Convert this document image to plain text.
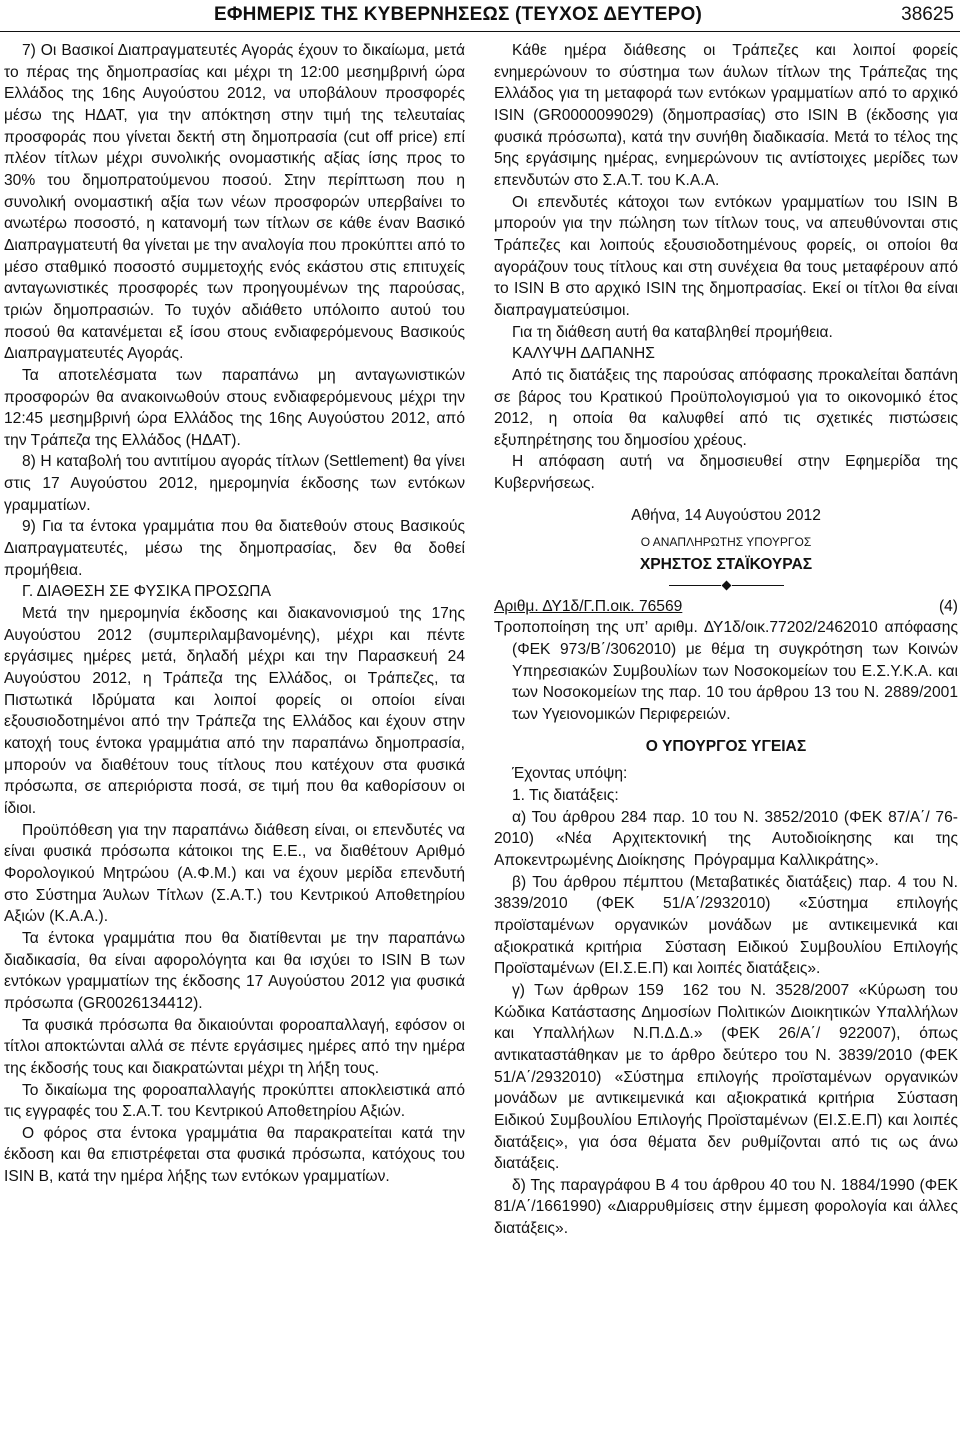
ΕΦΗΜΕΡΙΣ ΤΗΣ ΚΥΒΕΡΝΗΣΕΩΣ (ΤΕΥΧΟΣ ΔΕΥΤΕΡΟ)	38625

7) Οι Βασικοί Διαπραγματευτές Αγοράς έχουν το δικαίωμα, μετά το πέρας της δημοπρασίας και μέχρι τη 12:00 μεσημβρινή ώρα Ελλάδος της 16ης Αυγούστου 2012, να υποβάλουν προσφορές μέσω της ΗΔΑΤ, για την απόκτηση στην τιμή της τελευταίας προσφοράς που γίνεται δεκτή στη δημοπρασία (cut off price) επί πλέον τίτλων μέχρι συνολικής ονομαστικής αξίας ίσης προς το 30% του δημοπρατούμενου ποσού. Στην περίπτωση που η συνολική ονομαστική αξία των νέων προσφορών υπερβαίνει το ανωτέρω ποσοστό, η κατανομή των τίτλων σε κάθε έναν Βασικό Διαπραγματευτή θα γίνεται με την αναλογία που προκύπτει από το μέσο σταθμικό ποσοστό συμμετοχής ενός εκάστου στις επιτυχείς ανταγωνιστικές προσφορές των προηγουμένων της παρούσας, τριών δημοπρασιών. Το τυχόν αδιάθετο υπόλοιπο αυτού του ποσού θα κατανέμεται εξ ίσου στους ενδιαφερόμενους Βασικούς Διαπραγματευτές Αγοράς.

Τα αποτελέσματα των παραπάνω μη ανταγωνιστικών προσφορών θα ανακοινωθούν στους ενδιαφερόμενους μέχρι την 12:45 μεσημβρινή ώρα Ελλάδος της 16ης Αυγούστου 2012, από την Τράπεζα της Ελλάδος (ΗΔΑΤ).

8) Η καταβολή του αντιτίμου αγοράς τίτλων (Settlement) θα γίνει στις 17 Αυγούστου 2012, ημερομηνία έκδοσης των εντόκων γραμματίων.

9) Για τα έντοκα γραμμάτια που θα διατεθούν στους Βασικούς Διαπραγματευτές, μέσω της δημοπρασίας, δεν θα δοθεί προμήθεια.

Γ. ΔΙΑΘΕΣΗ ΣΕ ΦΥΣΙΚΑ ΠΡΟΣΩΠΑ

Μετά την ημερομηνία έκδοσης και διακανονισμού της 17ης Αυγούστου 2012 (συμπεριλαμβανομένης), μέχρι και πέντε εργάσιμες ημέρες μετά, δηλαδή μέχρι και την Παρασκευή 24 Αυγούστου 2012, η Τράπεζα της Ελλάδος, οι Τράπεζες, τα Πιστωτικά Ιδρύματα και λοιποί φορείς οι οποίοι είναι εξουσιοδοτημένοι από την Τράπεζα της Ελλάδος και έχουν στην κατοχή τους έντοκα γραμμάτια από την παραπάνω δημοπρασία, μπορούν να διαθέτουν τους τίτλους που κατέχουν στα φυσικά πρόσωπα, σε απεριόριστα ποσά, σε τιμή που θα καθορίσουν οι ίδιοι.

Προϋπόθεση για την παραπάνω διάθεση είναι, οι επενδυτές να είναι φυσικά πρόσωπα κάτοικοι της Ε.Ε., να διαθέτουν Αριθμό Φορολογικού Μητρώου (Α.Φ.Μ.) και να έχουν μερίδα επενδυτή στο Σύστημα Άυλων Τίτλων (Σ.Α.Τ.) του Κεντρικού Αποθετηρίου Αξιών (Κ.Α.Α.).

Τα έντοκα γραμμάτια που θα διατίθενται με την παραπάνω διαδικασία, θα είναι αφορολόγητα και θα ισχύει το ISIN B των εντόκων γραμματίων της έκδοσης 17 Αυγούστου 2012 για φυσικά πρόσωπα (GR0026134412).

Τα φυσικά πρόσωπα θα δικαιούνται φοροαπαλλαγή, εφόσον οι τίτλοι αποκτώνται αλλά σε πέντε εργάσιμες ημέρες από την ημέρα της έκδοσής τους και διακρατώνται μέχρι τη λήξη τους.

Το δικαίωμα της φοροαπαλλαγής προκύπτει αποκλειστικά από τις εγγραφές του Σ.Α.Τ. του Κεντρικού Αποθετηρίου Αξιών.

Ο φόρος στα έντοκα γραμμάτια θα παρακρατείται κατά την έκδοση και θα επιστρέφεται στα φυσικά πρόσωπα, κατόχους του ISIN B, κατά την ημέρα λήξης των εντόκων γραμματίων.

Κάθε ημέρα διάθεσης οι Τράπεζες και λοιποί φορείς ενημερώνουν το σύστημα των άυλων τίτλων της Τράπεζας της Ελλάδος για τη μεταφορά των εντόκων γραμματίων από το αρχικό ISIN (GR0000099029) (δημοπρασίας) στο ISIN B (έκδοσης για φυσικά πρόσωπα), κατά την συνήθη διαδικασία. Μετά το τέλος της 5ης εργάσιμης ημέρας, ενημερώνουν τις αντίστοιχες μερίδες των επενδυτών στο Σ.Α.Τ. του Κ.Α.Α.

Οι επενδυτές κάτοχοι των εντόκων γραμματίων του ISIN B μπορούν για την πώληση των τίτλων τους, να απευθύνονται στις Τράπεζες και λοιπούς εξουσιοδοτημένους φορείς, οι οποίοι θα αγοράζουν τους τίτλους και στη συνέχεια θα τους μεταφέρουν από το ISIN B στο αρχικό ISIN της δημοπρασίας. Εκεί οι τίτλοι θα είναι διαπραγματεύσιμοι.

Για τη διάθεση αυτή θα καταβληθεί προμήθεια.

ΚΑΛΥΨΗ ΔΑΠΑΝΗΣ

Από τις διατάξεις της παρούσας απόφασης προκαλείται δαπάνη σε βάρος του Κρατικού Προϋπολογισμού για το οικονομικό έτος 2012, η οποία θα καλυφθεί από τις σχετικές πιστώσεις εξυπηρέτησης του δημοσίου χρέους.

Η απόφαση αυτή να δημοσιευθεί στην Εφημερίδα της Κυβερνήσεως.

Αθήνα, 14 Αυγούστου 2012

Ο ΑΝΑΠΛΗΡΩΤΗΣ ΥΠΟΥΡΓΟΣ

ΧΡΗΣΤΟΣ ΣΤΑΪΚΟΥΡΑΣ

Αριθμ. ΔΥ1δ/Γ.Π.οικ. 76569	(4)

Τροποποίηση της υπ’ αριθμ. ΔΥ1δ/οικ.77202/2462010 απόφασης (ΦΕΚ 973/Β΄/3062010) με θέμα τη συγκρότηση των Κοινών Υπηρεσιακών Συμβουλίων των Νοσοκομείων του Ε.Σ.Υ.Κ.Α. και των Νοσοκομείων της παρ. 10 του άρθρου 13 του Ν. 2889/2001 των Υγειονομικών Περιφερειών.

Ο ΥΠΟΥΡΓΟΣ ΥΓΕΙΑΣ

Έχοντας υπόψη:

1. Τις διατάξεις:

α) Του άρθρου 284 παρ. 10 του Ν. 3852/2010 (ΦΕΚ 87/Α΄/ 762010) «Νέα Αρχιτεκτονική της Αυτοδιοίκησης και της Αποκεντρωμένης Διοίκησης Πρόγραμμα Καλλικράτης».

β) Του άρθρου πέμπτου (Μεταβατικές διατάξεις) παρ. 4 του Ν. 3839/2010 (ΦΕΚ 51/Α΄/2932010) «Σύστημα επιλογής προϊσταμένων οργανικών μονάδων με αντικειμενικά και αξιοκρατικά κριτήρια Σύσταση Ειδικού Συμβουλίου Επιλογής Προϊσταμένων (ΕΙ.Σ.Ε.Π) και λοιπές διατάξεις».

γ) Των άρθρων 159 162 του Ν. 3528/2007 «Κύρωση του Κώδικα Κατάστασης Δημοσίων Πολιτικών Διοικητικών Υπαλλήλων και Υπαλλήλων Ν.Π.Δ.Δ.» (ΦΕΚ 26/Α΄/ 922007), όπως αντικαταστάθηκαν με το άρθρο δεύτερο του Ν. 3839/2010 (ΦΕΚ 51/Α΄/2932010) «Σύστημα επιλογής προϊσταμένων οργανικών μονάδων με αντικειμενικά και αξιοκρατικά κριτήρια Σύσταση Ειδικού Συμβουλίου Επιλογής Προϊσταμένων (ΕΙ.Σ.Ε.Π) και λοιπές διατάξεις», για όσα θέματα δεν ρυθμίζονται από τις ως άνω διατάξεις.

δ) Της παραγράφου Β 4 του άρθρου 40 του Ν. 1884/1990 (ΦΕΚ 81/Α΄/1661990) «Διαρρυθμίσεις στην έμμεση φορολογία και άλλες διατάξεις».
